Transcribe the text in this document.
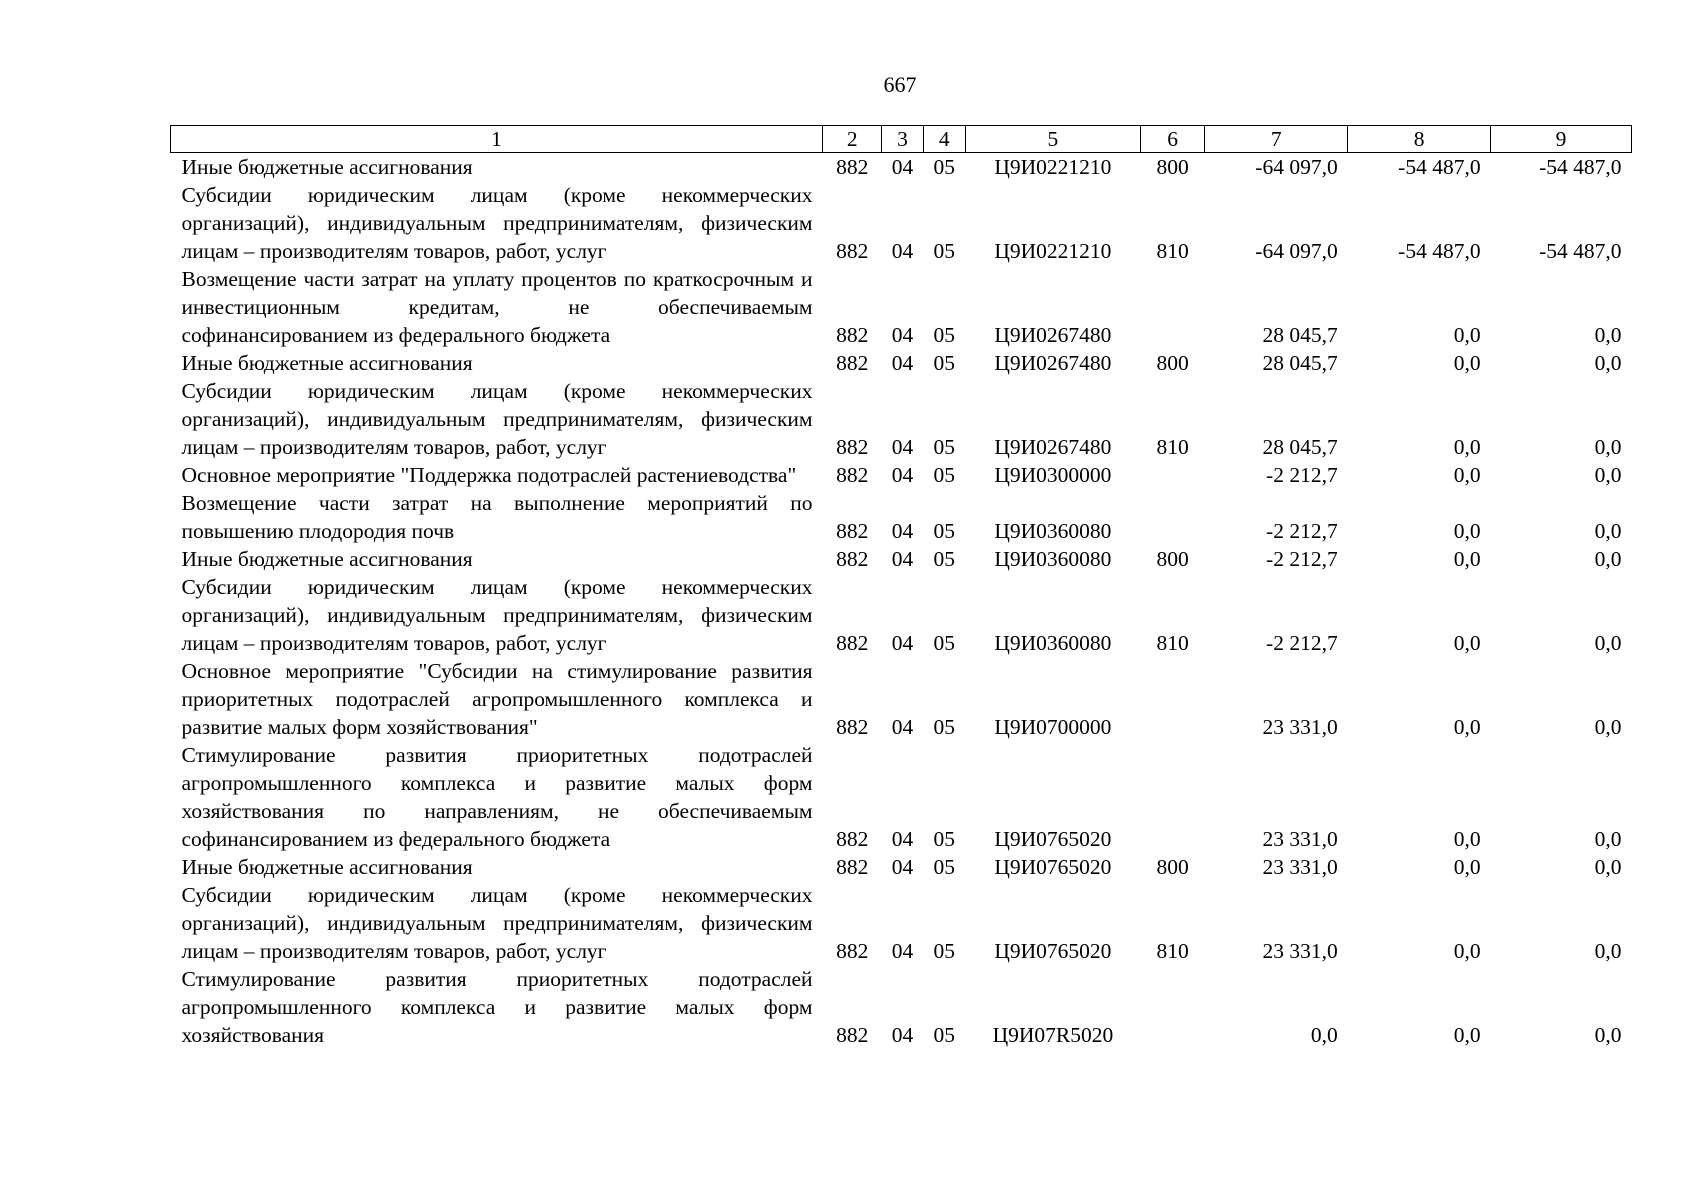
667
1	2	3	4	5	6	7	8	9
Иные бюджетные ассигнования	882	04	05	Ц9И0221210	800	-64 097,0	-54 487,0	-54 487,0
Субсидии юридическим лицам (кроме некоммерческих организаций), индивидуальным предпринимателям, физическим лицам – производителям товаров, работ, услуг	882	04	05	Ц9И0221210	810	-64 097,0	-54 487,0	-54 487,0
Возмещение части затрат на уплату процентов по краткосрочным и инвестиционным кредитам, не обеспечиваемым софинансированием из федерального бюджета	882	04	05	Ц9И0267480		28 045,7	0,0	0,0
Иные бюджетные ассигнования	882	04	05	Ц9И0267480	800	28 045,7	0,0	0,0
Субсидии юридическим лицам (кроме некоммерческих организаций), индивидуальным предпринимателям, физическим лицам – производителям товаров, работ, услуг	882	04	05	Ц9И0267480	810	28 045,7	0,0	0,0
Основное мероприятие "Поддержка подотраслей растениеводства"	882	04	05	Ц9И0300000		-2 212,7	0,0	0,0
Возмещение части затрат на выполнение мероприятий по повышению плодородия почв	882	04	05	Ц9И0360080		-2 212,7	0,0	0,0
Иные бюджетные ассигнования	882	04	05	Ц9И0360080	800	-2 212,7	0,0	0,0
Субсидии юридическим лицам (кроме некоммерческих организаций), индивидуальным предпринимателям, физическим лицам – производителям товаров, работ, услуг	882	04	05	Ц9И0360080	810	-2 212,7	0,0	0,0
Основное мероприятие "Субсидии на стимулирование развития приоритетных подотраслей агропромышленного комплекса и развитие малых форм хозяйствования"	882	04	05	Ц9И0700000		23 331,0	0,0	0,0
Стимулирование развития приоритетных подотраслей агропромышленного комплекса и развитие малых форм хозяйствования по направлениям, не обеспечиваемым софинансированием из федерального бюджета	882	04	05	Ц9И0765020		23 331,0	0,0	0,0
Иные бюджетные ассигнования	882	04	05	Ц9И0765020	800	23 331,0	0,0	0,0
Субсидии юридическим лицам (кроме некоммерческих организаций), индивидуальным предпринимателям, физическим лицам – производителям товаров, работ, услуг	882	04	05	Ц9И0765020	810	23 331,0	0,0	0,0
Стимулирование развития приоритетных подотраслей агропромышленного комплекса и развитие малых форм хозяйствования	882	04	05	Ц9И07R5020		0,0	0,0	0,0
